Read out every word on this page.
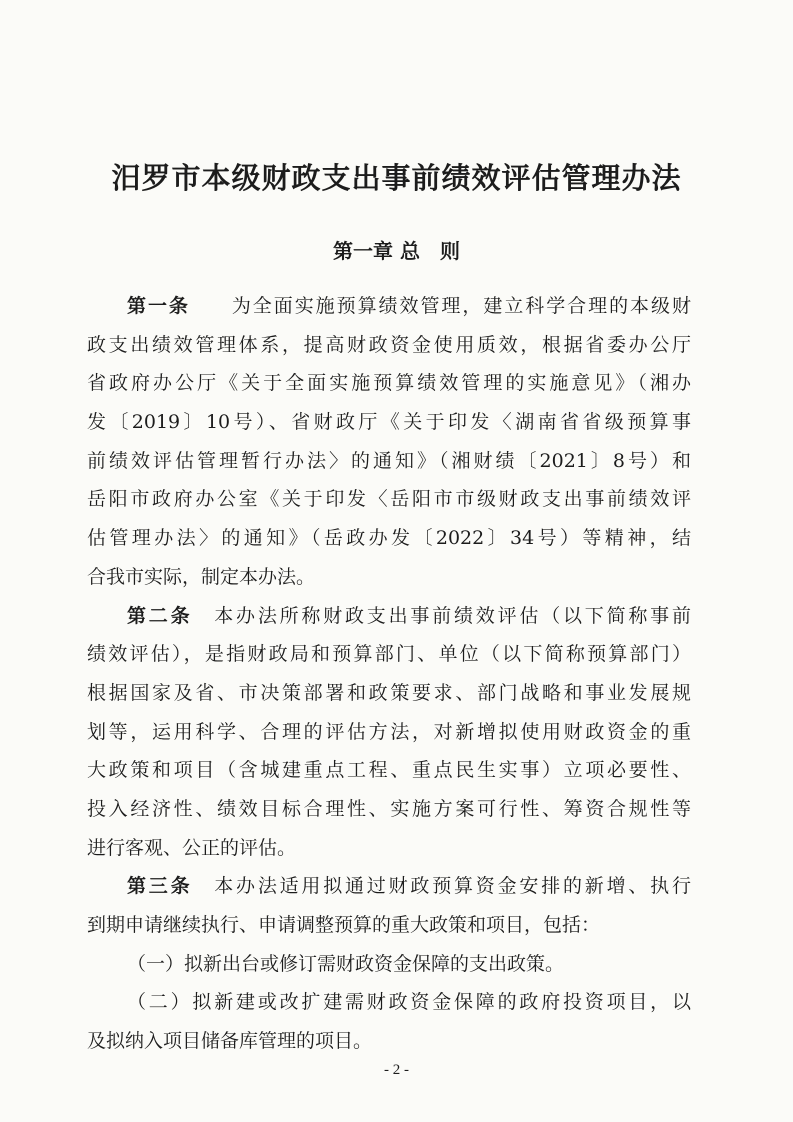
汨罗市本级财政支出事前绩效评估管理办法
第一章 总　则
第一条　　 为全面实施预算绩效管理，建立科学合理的本级财
政支出绩效管理体系，提高财政资金使用质效，根据省委办公厅
省政府办公厅《关于全面实施预算绩效管理的实施意见》（湘办
发〔2019〕10号）、省财政厅《关于印发〈湖南省省级预算事
前绩效评估管理暂行办法〉的通知》（湘财绩〔2021〕8号）和
岳阳市政府办公室《关于印发〈岳阳市市级财政支出事前绩效评
估管理办法〉的通知》（岳政办发〔2022〕34号）等精神，结
合我市实际，制定本办法。
第二条　 本办法所称财政支出事前绩效评估（以下简称事前
绩效评估），是指财政局和预算部门、单位（以下简称预算部门）
根据国家及省、市决策部署和政策要求、部门战略和事业发展规
划等，运用科学、合理的评估方法，对新增拟使用财政资金的重
大政策和项目（含城建重点工程、重点民生实事）立项必要性、
投入经济性、绩效目标合理性、实施方案可行性、筹资合规性等
进行客观、公正的评估。
第三条　 本办法适用拟通过财政预算资金安排的新增、执行
到期申请继续执行、申请调整预算的重大政策和项目，包括：
（一）拟新出台或修订需财政资金保障的支出政策。
（二）拟新建或改扩建需财政资金保障的政府投资项目，以
及拟纳入项目储备库管理的项目。
- 2 -
